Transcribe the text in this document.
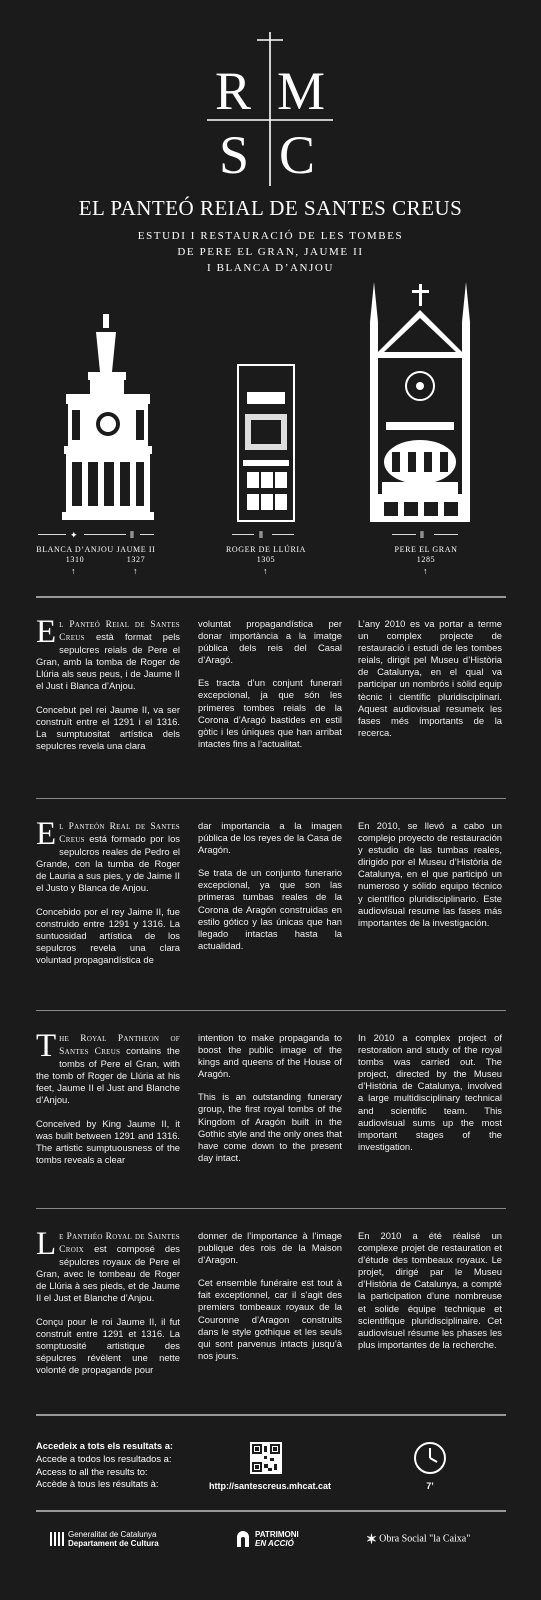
R M
S C
EL PANTEÓ REIAL DE SANTES CREUS
ESTUDI I RESTAURACIÓ DE LES TOMBES
DE PERE EL GRAN, JAUME II
I BLANCA D’ANJOU
✦	⦀	⦀	⦀
BLANCA D’ANJOU
1310
JAUME II
1327
ROGER DE LLÚRIA
1305
PERE EL GRAN
1285
↑	↑	↑	↑

El Panteó Reial de Santes Creus està format pels sepulcres reials de Pere el Gran, amb la tomba de Roger de Llúria als seus peus, i de Jaume II el Just i Blanca d’Anjou.

Concebut pel rei Jaume II, va ser construït entre el 1291 i el 1316. La sumptuositat artística dels sepulcres revela una clara

voluntat propagandística per donar importància a la imatge pública dels reis del Casal d’Aragó.

Es tracta d’un conjunt funerari excepcional, ja que són les primeres tombes reials de la Corona d’Aragó bastides en estil gòtic i les úniques que han arribat intactes fins a l’actualitat.

L’any 2010 es va portar a terme un complex projecte de restauració i estudi de les tombes reials, dirigit pel Museu d’Història de Catalunya, en el qual va participar un nombrós i sòlid equip tècnic i científic pluridisciplinari. Aquest audiovisual resumeix les fases més importants de la recerca.

El Panteón Real de Santes Creus está formado por los sepulcros reales de Pedro el Grande, con la tumba de Roger de Lauria a sus pies, y de Jaime II el Justo y Blanca de Anjou.

Concebido por el rey Jaime II, fue construido entre 1291 y 1316. La suntuosidad artística de los sepulcros revela una clara voluntad propagandística de

dar importancia a la imagen pública de los reyes de la Casa de Aragón.

Se trata de un conjunto funerario excepcional, ya que son las primeras tumbas reales de la Corona de Aragón construidas en estilo gótico y las únicas que han llegado intactas hasta la actualidad.

En 2010, se llevó a cabo un complejo proyecto de restauración y estudio de las tumbas reales, dirigido por el Museu d’Història de Catalunya, en el que participó un numeroso y sólido equipo técnico y científico pluridisciplinario. Este audiovisual resume las fases más importantes de la investigación.

The Royal Pantheon of Santes Creus contains the tombs of Pere el Gran, with the tomb of Roger de Llúria at his feet, Jaume II el Just and Blanche d’Anjou.

Conceived by King Jaume II, it was built between 1291 and 1316. The artistic sumptuousness of the tombs reveals a clear

intention to make propaganda to boost the public image of the kings and queens of the House of Aragón.

This is an outstanding funerary group, the first royal tombs of the Kingdom of Aragón built in the Gothic style and the only ones that have come down to the present day intact.

In 2010 a complex project of restoration and study of the royal tombs was carried out. The project, directed by the Museu d’Història de Catalunya, involved a large multidisciplinary technical and scientific team. This audiovisual sums up the most important stages of the investigation.

Le Panthéo Royal de Saintes Croix est composé des sépulcres royaux de Pere el Gran, avec le tombeau de Roger de Llúria à ses pieds, et de Jaume II el Just et Blanche d’Anjou.

Conçu pour le roi Jaume II, il fut construit entre 1291 et 1316. La somptuosité artistique des sépulcres révèlent une nette volonté de propagande pour

donner de l’importance à l’image publique des rois de la Maison d’Aragon.

Cet ensemble funéraire est tout à fait exceptionnel, car il s’agit des premiers tombeaux royaux de la Couronne d’Aragon construits dans le style gothique et les seuls qui sont parvenus intacts jusqu’à nos jours.

En 2010 a été réalisé un complexe projet de restauration et d’étude des tombeaux royaux. Le projet, dirigé par le Museu d’Història de Catalunya, a compté la participation d’une nombreuse et solide équipe technique et scientifique pluridisciplinaire. Cet audiovisuel résume les phases les plus importantes de la recherche.

Accedeix a tots els resultats a:
Accede a todos los resultados a:
Access to all the results to:
Accède à tous les résultats à:	http://santescreus.mhcat.cat	7’
Generalitat de Catalunya
Departament de Cultura
PATRIMONI
EN ACCIÓ	✶ Obra Social "la Caixa"
